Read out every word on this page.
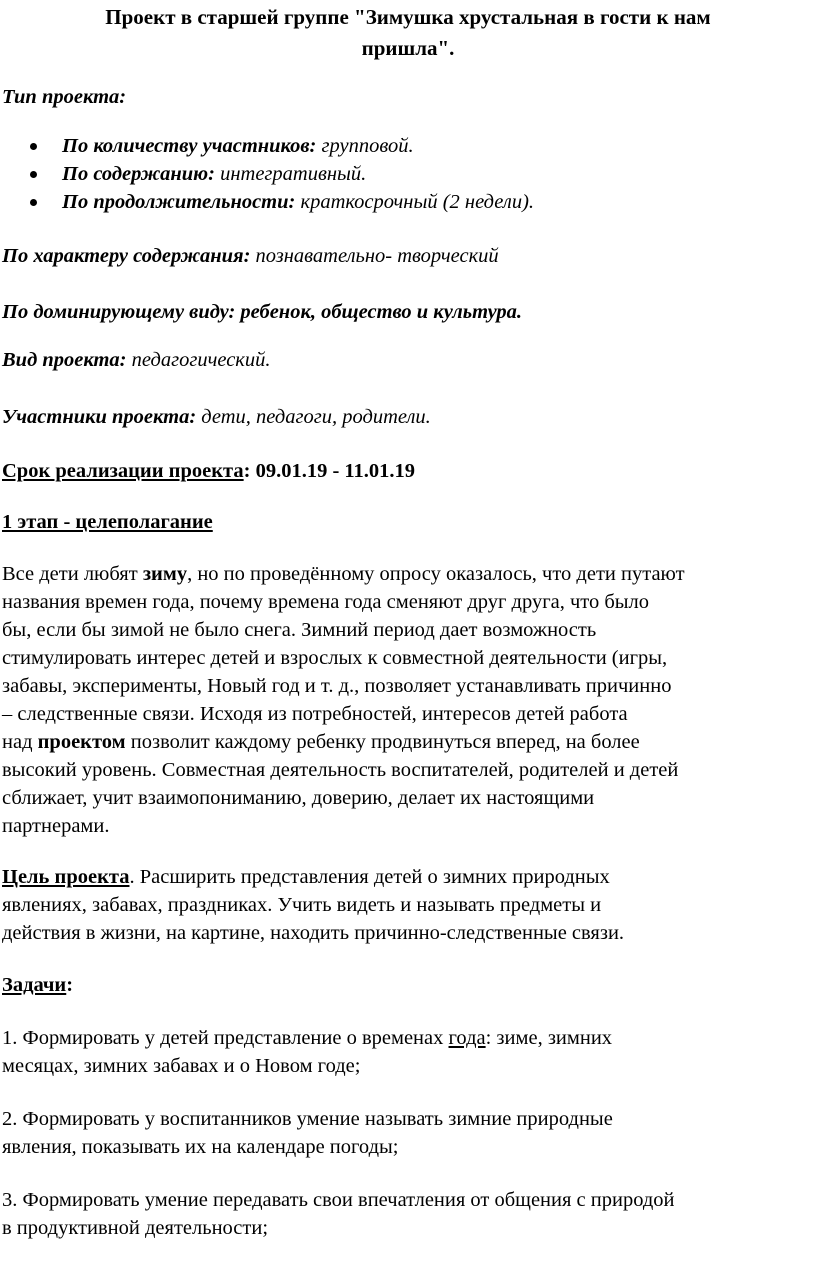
Проект в старшей группе "Зимушка хрустальная в гости к нам
пришла".
Тип проекта:
По количеству участников: групповой.
По содержанию: интегративный.
По продолжительности: краткосрочный (2 недели).
По характеру содержания: познавательно- творческий
По доминирующему виду: ребенок, общество и культура.
Вид проекта: педагогический.
Участники проекта: дети, педагоги, родители.
Срок реализации проекта: 09.01.19 - 11.01.19
1 этап - целеполагание
Все дети любят зиму, но по проведённому опросу оказалось, что дети путают
названия времен года, почему времена года сменяют друг друга, что было
бы, если бы зимой не было снега. Зимний период дает возможность
стимулировать интерес детей и взрослых к совместной деятельности (игры,
забавы, эксперименты, Новый год и т. д., позволяет устанавливать причинно
– следственные связи. Исходя из потребностей, интересов детей работа
над проектом позволит каждому ребенку продвинуться вперед, на более
высокий уровень. Совместная деятельность воспитателей, родителей и детей
сближает, учит взаимопониманию, доверию, делает их настоящими
партнерами.
Цель проекта. Расширить представления детей о зимних природных
явлениях, забавах, праздниках. Учить видеть и называть предметы и
действия в жизни, на картине, находить причинно-следственные связи.
Задачи:
1. Формировать у детей представление о временах года: зиме, зимних
месяцах, зимних забавах и о Новом годе;
2. Формировать у воспитанников умение называть зимние природные
явления, показывать их на календаре погоды;
3. Формировать умение передавать свои впечатления от общения с природой
в продуктивной деятельности;
